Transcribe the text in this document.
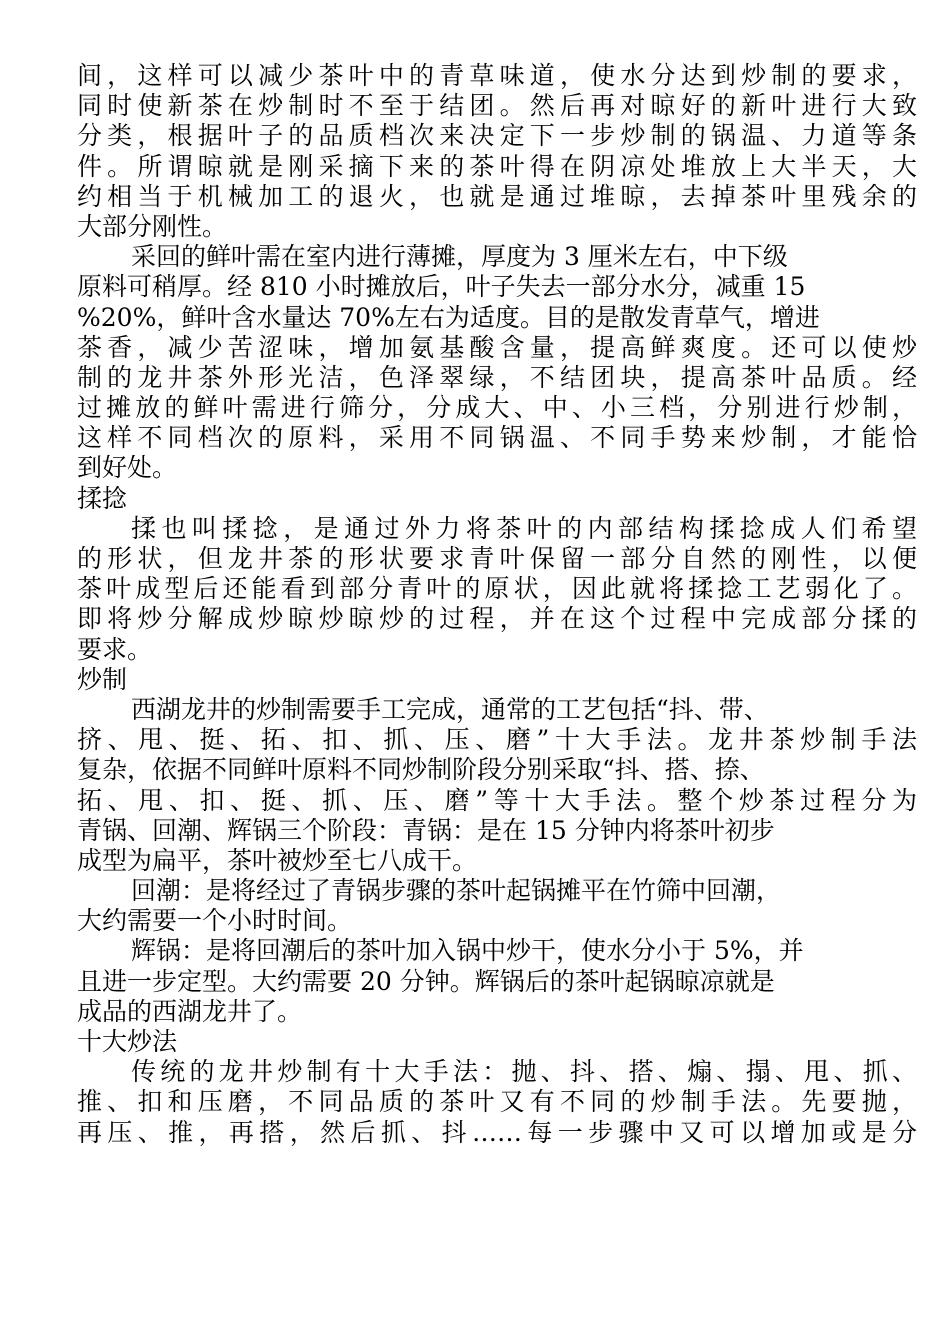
间，这样可以减少茶叶中的青草味道，使水分达到炒制的要求，
同时使新茶在炒制时不至于结团。然后再对晾好的新叶进行大致
分类，根据叶子的品质档次来决定下一步炒制的锅温、力道等条
件。所谓晾就是刚采摘下来的茶叶得在阴凉处堆放上大半天，大
约相当于机械加工的退火，也就是通过堆晾，去掉茶叶里残余的
大部分刚性。
采回的鲜叶需在室内进行薄摊，厚度为 3 厘米左右，中下级
原料可稍厚。经 810 小时摊放后，叶子失去一部分水分，减重 15
%20%，鲜叶含水量达 70%左右为适度。目的是散发青草气，增进
茶香，减少苦涩味，增加氨基酸含量，提高鲜爽度。还可以使炒
制的龙井茶外形光洁，色泽翠绿，不结团块，提高茶叶品质。经
过摊放的鲜叶需进行筛分，分成大、中、小三档，分别进行炒制，
这样不同档次的原料，采用不同锅温、不同手势来炒制，才能恰
到好处。
揉捻
揉也叫揉捻，是通过外力将茶叶的内部结构揉捻成人们希望
的形状，但龙井茶的形状要求青叶保留一部分自然的刚性，以便
茶叶成型后还能看到部分青叶的原状，因此就将揉捻工艺弱化了。
即将炒分解成炒晾炒晾炒的过程，并在这个过程中完成部分揉的
要求。
炒制
西湖龙井的炒制需要手工完成，通常的工艺包括“抖、带、
挤、甩、挺、拓、扣、抓、压、磨”十大手法。龙井茶炒制手法
复杂，依据不同鲜叶原料不同炒制阶段分别采取“抖、搭、捺、
拓、甩、扣、挺、抓、压、磨”等十大手法。整个炒茶过程分为
青锅、回潮、辉锅三个阶段：青锅：是在 15 分钟内将茶叶初步
成型为扁平，茶叶被炒至七八成干。
回潮：是将经过了青锅步骤的茶叶起锅摊平在竹筛中回潮，
大约需要一个小时时间。
辉锅：是将回潮后的茶叶加入锅中炒干，使水分小于 5%，并
且进一步定型。大约需要 20 分钟。辉锅后的茶叶起锅晾凉就是
成品的西湖龙井了。
十大炒法
传统的龙井炒制有十大手法：抛、抖、搭、煽、搨、甩、抓、
推、扣和压磨，不同品质的茶叶又有不同的炒制手法。先要抛，
再压、推，再搭，然后抓、抖……每一步骤中又可以增加或是分
